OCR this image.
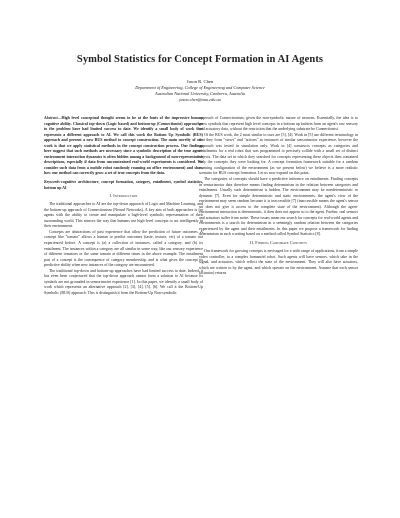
Symbol Statistics for Concept Formation in AI Agents
Jason R. Chen
Department of Engineering, College of Engineering and Computer Science
Australian National University, Canberra, Australia
jason.chen@anu.edu.au

Abstract—High level conceptual thought seems to be at the fonts of the impressive human cognitive ability. Classical top-down (Logic based) and bottom-up (Connectionist) approaches to the problem have had limited success to date. We identify a small body of work that represents a different approach to AI. We call this work the Bottom Up Symbolic (BUS) approach and present a new BUS method to concept construction. The main novelty of our work is that we apply statistical methods in the concept construction process. Our findings here suggest that such methods are necessary since a symbolic description of the true agent-environment interaction dynamics is often hidden among a background of non-representative descriptions, especially if data from unconstrained real-world experiments is considered. We consider such data from a mobile robot randomly roaming an office environment) and show how our method can correctly grow a set of true concepts from the data.

Keywords-cognitive architecture, concept formation, category, entailment, symbol statistics, bottom up AI

I. Introduction

The traditional approaches to AI are the top-down approach of Logic and Machine Learning, and the bottom-up approach of Connectionism (Neural Networks). A key aim of both approaches is for agents with the ability to create and manipulate a high-level symbolic representation of their surrounding world. This mirrors the way that humans use high-level concepts to act intelligently in their environment.

Concepts are abstractions of past experience that allow the prediction of future outcomes. A concept like "tomato" allows a human to predict outcomes (taste, texture, etc) of a tomato not experienced before. A concept is (a) a collection of instances, called a category, and (b) its entailment. The instances within a category are all similar in some way, like our sensory experience of different tomatoes or the same tomato at different times in the above example. The entailment part of a concept is the consequence of category membership, and is what gives the concept its predictive ability when new instances of the category are encountered.

The traditional top-down and bottom-up approaches have had limited success to date. Indeed, it has even been conjectured that the top-down approach cannot form a solution to AI because its symbols are not grounded in sensorimotor experience [1]. In this paper, we identify a small body of work which represents an alternative approach [2], [3], [4], [5], [6]. We call it the Bottom-Up Symbolic (BUS) approach. This is distinguish it from the Bottom-Up Non-symbolic

approach of Connectionism, given the non-symbolic nature of neurons. Essentially, the idea is to grow symbols that represent high level concepts in a bottom up fashion from an agent's raw sensory and actuatory data, without the restriction that the underlying substrate be Connectionist.

Of the BUS work, the 2 most similar to ours are [5], [4]. Work in [5] use different terminology in that they form "views" and "actions" as instances of similar sensorimotor experience, however the approach was tested in simulation only. Work in [4] constructs concepts as categories and entailments for a real robot that was programmed to precisely collide with a small set of distinct objects. The data set in which they searched for concepts representing these objects then contained only the concepts they were looking for. A concept formation framework suitable for a random roaming configuration of the environment (as we present below) we believe is a more realistic scenario for BUS concept formation. Let us now expand on this point.

The categories of concepts should have a predictive inference on entailments. Finding concepts in sensorimotor data therefore means finding determinism in the relation between categories and entailments. Usually such determinism is hidden. The environment may be nondeterministic or dynamic [7]. Even for simple deterministic and static environments, the agent's view of the environment may seem random because it is inaccessible [7] (inaccessible means the agent's sensor set does not give it access to the complete state of the environment). Although the agent-environment interaction is deterministic, it then does not appear so to the agent. Further, real sensors and actuators suffer from noise. These issues mean our search for concepts for real-world agents and environments is a search for determinism in a seemingly random relation between the categories experienced by the agent and their entailments. In this paper we propose a framework for finding determinism in such a setting based on a method called Symbol Statistics [8].

II. Finding Candidate Concepts

Our framework for growing concepts is envisaged for a wide range of applications, from a simple video controller, to a complex humanoid robot. Such agents will have sensors, which take in the signal, and actuators, which reflect the state of the environment. They will also have actuators, which are written to by the agent, and which operate on the environment. Assume that each sensor (actuator) returns
